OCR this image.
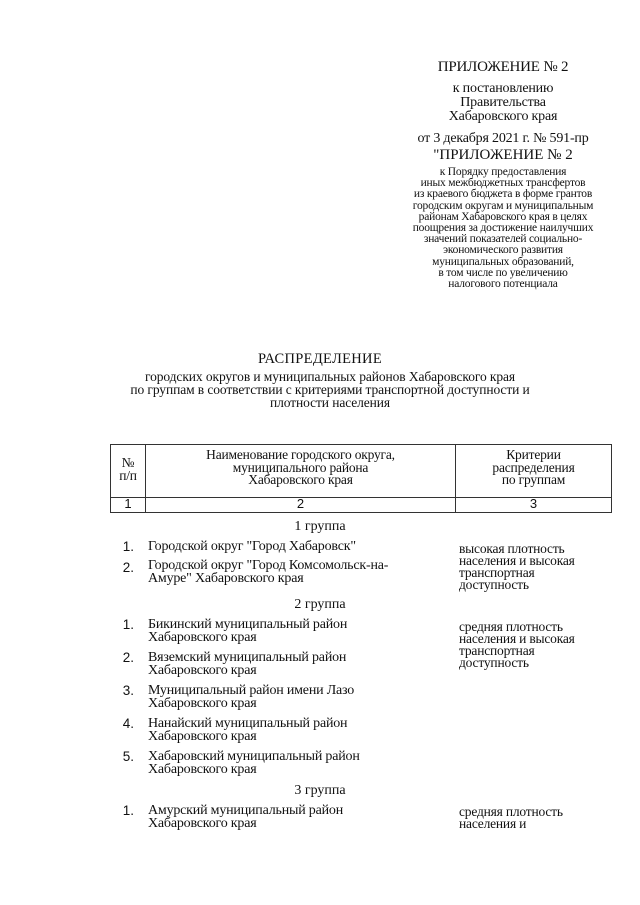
ПРИЛОЖЕНИЕ № 2
к постановлению
Правительства
Хабаровского края
от 3 декабря 2021 г. № 591-пр
"ПРИЛОЖЕНИЕ № 2
к Порядку предоставления
иных межбюджетных трансфертов
из краевого бюджета в форме грантов
городским округам и муниципальным
районам Хабаровского края в целях
поощрения за достижение наилучших
значений показателей социально-
экономического развития
муниципальных образований,
в том числе по увеличению
налогового потенциала
РАСПРЕДЕЛЕНИЕ
городских округов и муниципальных районов Хабаровского края
по группам в соответствии с критериями транспортной доступности и
плотности населения
№
п/п
Наименование городского округа,
муниципального района
Хабаровского края
Критерии
распределения
по группам
1	2	3
1 группа
1. Городской округ "Город Хабаровск"
2. Городской округ "Город Комсомольск-на-
Амуре" Хабаровского края
высокая плотность
населения и высокая
транспортная
доступность
2 группа
1. Бикинский муниципальный район
Хабаровского края
2. Вяземский муниципальный район
Хабаровского края
3. Муниципальный район имени Лазо
Хабаровского края
4. Нанайский муниципальный район
Хабаровского края
5. Хабаровский муниципальный район
Хабаровского края
средняя плотность
населения и высокая
транспортная
доступность
3 группа
1. Амурский муниципальный район
Хабаровского края
средняя плотность
населения и
